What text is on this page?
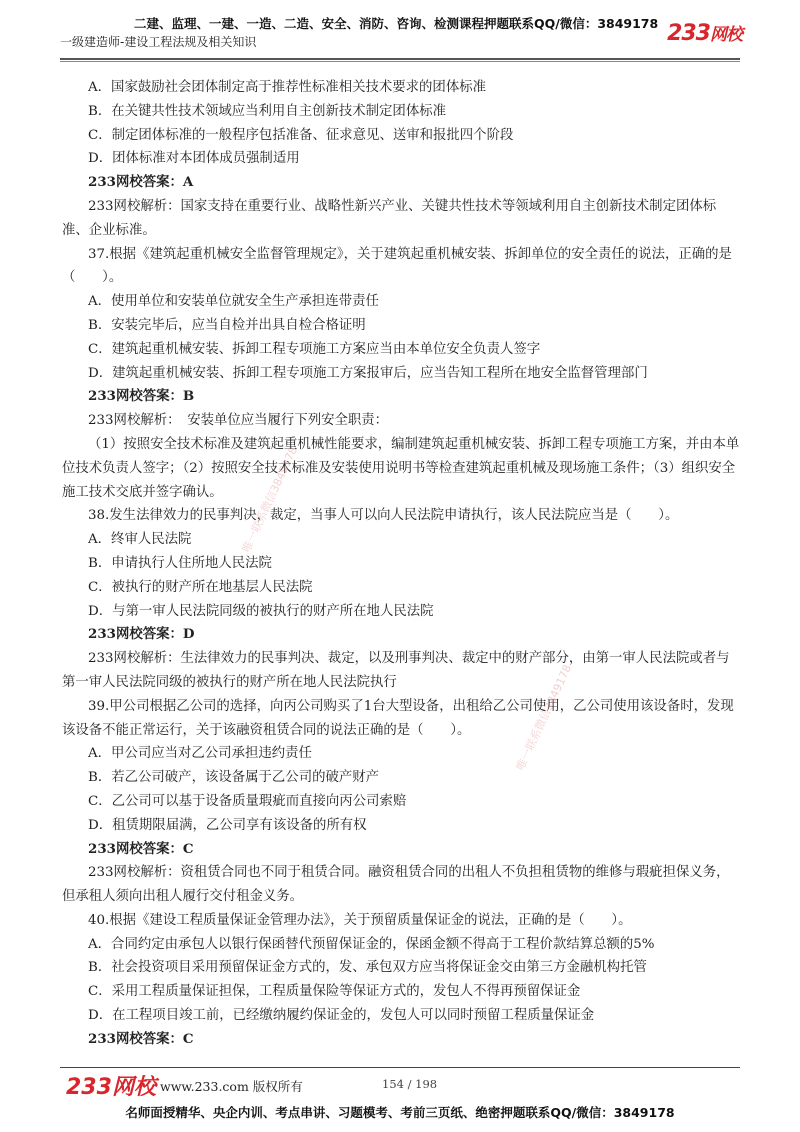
二建、监理、一建、一造、二造、安全、消防、咨询、检测课程押题联系QQ/微信：3849178
一级建造师-建设工程法规及相关知识	233网校
A．国家鼓励社会团体制定高于推荐性标准相关技术要求的团体标准
B．在关键共性技术领域应当利用自主创新技术制定团体标准
C．制定团体标准的一般程序包括准备、征求意见、送审和报批四个阶段
D．团体标准对本团体成员强制适用
233网校答案：A
233网校解析：国家支持在重要行业、战略性新兴产业、关键共性技术等领域利用自主创新技术制定团体标准、企业标准。
37.根据《建筑起重机械安全监督管理规定》，关于建筑起重机械安装、拆卸单位的安全责任的说法，正确的是（　　）。
A．使用单位和安装单位就安全生产承担连带责任
B．安装完毕后，应当自检并出具自检合格证明
C．建筑起重机械安装、拆卸工程专项施工方案应当由本单位安全负责人签字
D．建筑起重机械安装、拆卸工程专项施工方案报审后，应当告知工程所在地安全监督管理部门
233网校答案：B
233网校解析：　安装单位应当履行下列安全职责：
（1）按照安全技术标准及建筑起重机械性能要求，编制建筑起重机械安装、拆卸工程专项施工方案，并由本单位技术负责人签字；（2）按照安全技术标准及安装使用说明书等检查建筑起重机械及现场施工条件；（3）组织安全施工技术交底并签字确认。
38.发生法律效力的民事判决，裁定，当事人可以向人民法院申请执行，该人民法院应当是（　　）。
A．终审人民法院
B．申请执行人住所地人民法院
C．被执行的财产所在地基层人民法院
D．与第一审人民法院同级的被执行的财产所在地人民法院
233网校答案：D
233网校解析：生法律效力的民事判决、裁定，以及刑事判决、裁定中的财产部分，由第一审人民法院或者与第一审人民法院同级的被执行的财产所在地人民法院执行
39.甲公司根据乙公司的选择，向丙公司购买了1台大型设备，出租给乙公司使用，乙公司使用该设备时，发现该设备不能正常运行，关于该融资租赁合同的说法正确的是（　　）。
A．甲公司应当对乙公司承担违约责任
B．若乙公司破产，该设备属于乙公司的破产财产
C．乙公司可以基于设备质量瑕疵而直接向丙公司索赔
D．租赁期限届满，乙公司享有该设备的所有权
233网校答案：C
233网校解析：资租赁合同也不同于租赁合同。融资租赁合同的出租人不负担租赁物的维修与瑕疵担保义务，但承租人须向出租人履行交付租金义务。
40.根据《建设工程质量保证金管理办法》，关于预留质量保证金的说法，正确的是（　　）。
A．合同约定由承包人以银行保函替代预留保证金的，保函金额不得高于工程价款结算总额的5%
B．社会投资项目采用预留保证金方式的，发、承包双方应当将保证金交由第三方金融机构托管
C．采用工程质量保证担保，工程质量保险等保证方式的，发包人不得再预留保证金
D．在工程项目竣工前，已经缴纳履约保证金的，发包人可以同时预留工程质量保证金
233网校答案：C
唯一联系微信3849178
唯一联系微信3849178
233网校 www.233.com 版权所有	154 / 198
名师面授精华、央企内训、考点串讲、习题模考、考前三页纸、绝密押题联系QQ/微信：3849178
